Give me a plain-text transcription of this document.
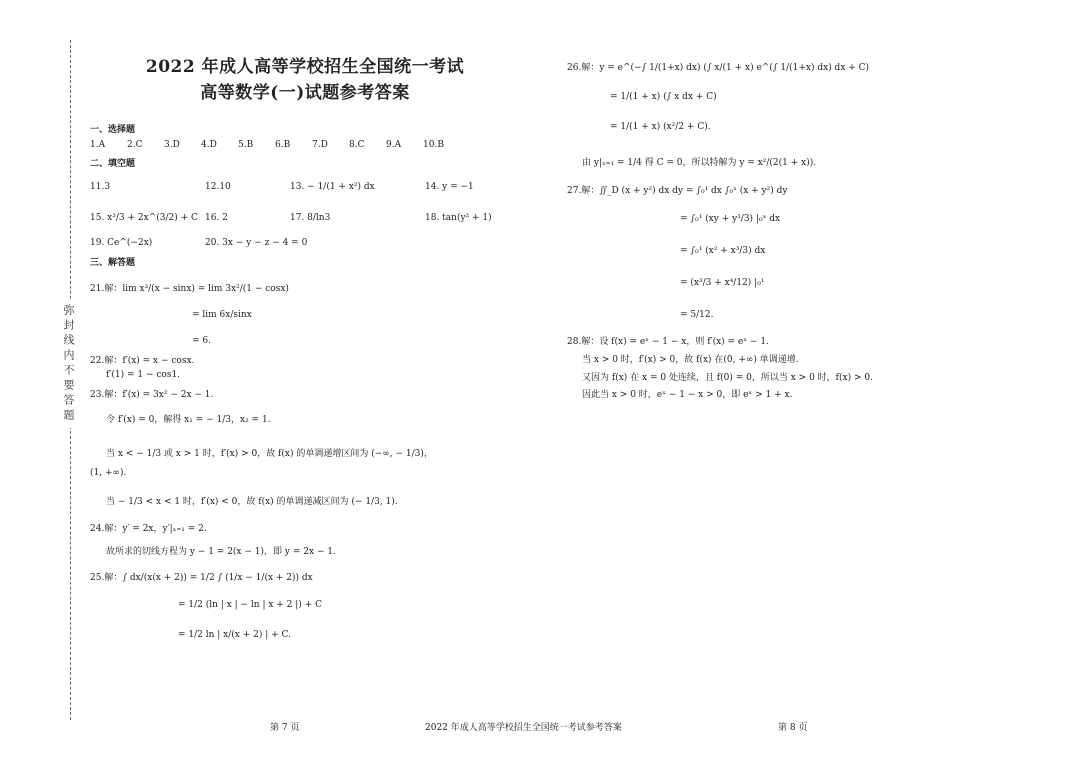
弥封线内不要答题
2022 年成人高等学校招生全国统一考试
高等数学(一)试题参考答案
一、选择题
1.A 2.C 3.D 4.D 5.B 6.B 7.D 8.C 9.A 10.B
二、填空题
11.3	12.10	13. − 1/(1 + x²) dx	14. y = −1
15. x³/3 + 2x^(3/2) + C 16. 2	17. 8/ln3	18. tan(y² + 1)
19. Ce^(−2x)	20. 3x − y − z − 4 = 0
三、解答题
21.解：lim x³/(x − sinx) = lim 3x²/(1 − cosx)
= lim 6x/sinx
= 6.
22.解：f′(x) = x − cosx.
f′(1) = 1 − cos1.
23.解：f′(x) = 3x² − 2x − 1.
令 f′(x) = 0，解得 x₁ = − 1/3，x₂ = 1.
当 x < − 1/3 或 x > 1 时，f′(x) > 0，故 f(x) 的单调递增区间为 (−∞, − 1/3)，
(1, +∞).
当 − 1/3 < x < 1 时，f′(x) < 0，故 f(x) 的单调递减区间为 (− 1/3, 1).
24.解：y′ = 2x，y′|ₓ₌₁ = 2.
故所求的切线方程为 y − 1 = 2(x − 1)，即 y = 2x − 1.
25.解：∫ dx/(x(x + 2)) = 1/2 ∫ (1/x − 1/(x + 2)) dx
= 1/2 (ln | x | − ln | x + 2 |) + C
= 1/2 ln | x/(x + 2) | + C.
26.解：y = e^(−∫ 1/(1+x) dx) (∫ x/(1 + x) e^(∫ 1/(1+x) dx) dx + C)
= 1/(1 + x) (∫ x dx + C)
= 1/(1 + x) (x²/2 + C).
由 y|ₓ₌₁ = 1/4 得 C = 0，所以特解为 y = x²/(2(1 + x)).
27.解：∬_D (x + y²) dx dy = ∫₀¹ dx ∫₀ˣ (x + y²) dy
= ∫₀¹ (xy + y³/3) |₀ˣ dx
= ∫₀¹ (x² + x³/3) dx
= (x³/3 + x⁴/12) |₀¹
= 5/12.
28.解：设 f(x) = eˣ − 1 − x，则 f′(x) = eˣ − 1.
当 x > 0 时，f′(x) > 0，故 f(x) 在(0, +∞) 单调递增.
又因为 f(x) 在 x = 0 处连续，且 f(0) = 0，所以当 x > 0 时，f(x) > 0.
因此当 x > 0 时，eˣ − 1 − x > 0，即 eˣ > 1 + x.
第 7 页	2022 年成人高等学校招生全国统一考试参考答案	第 8 页
